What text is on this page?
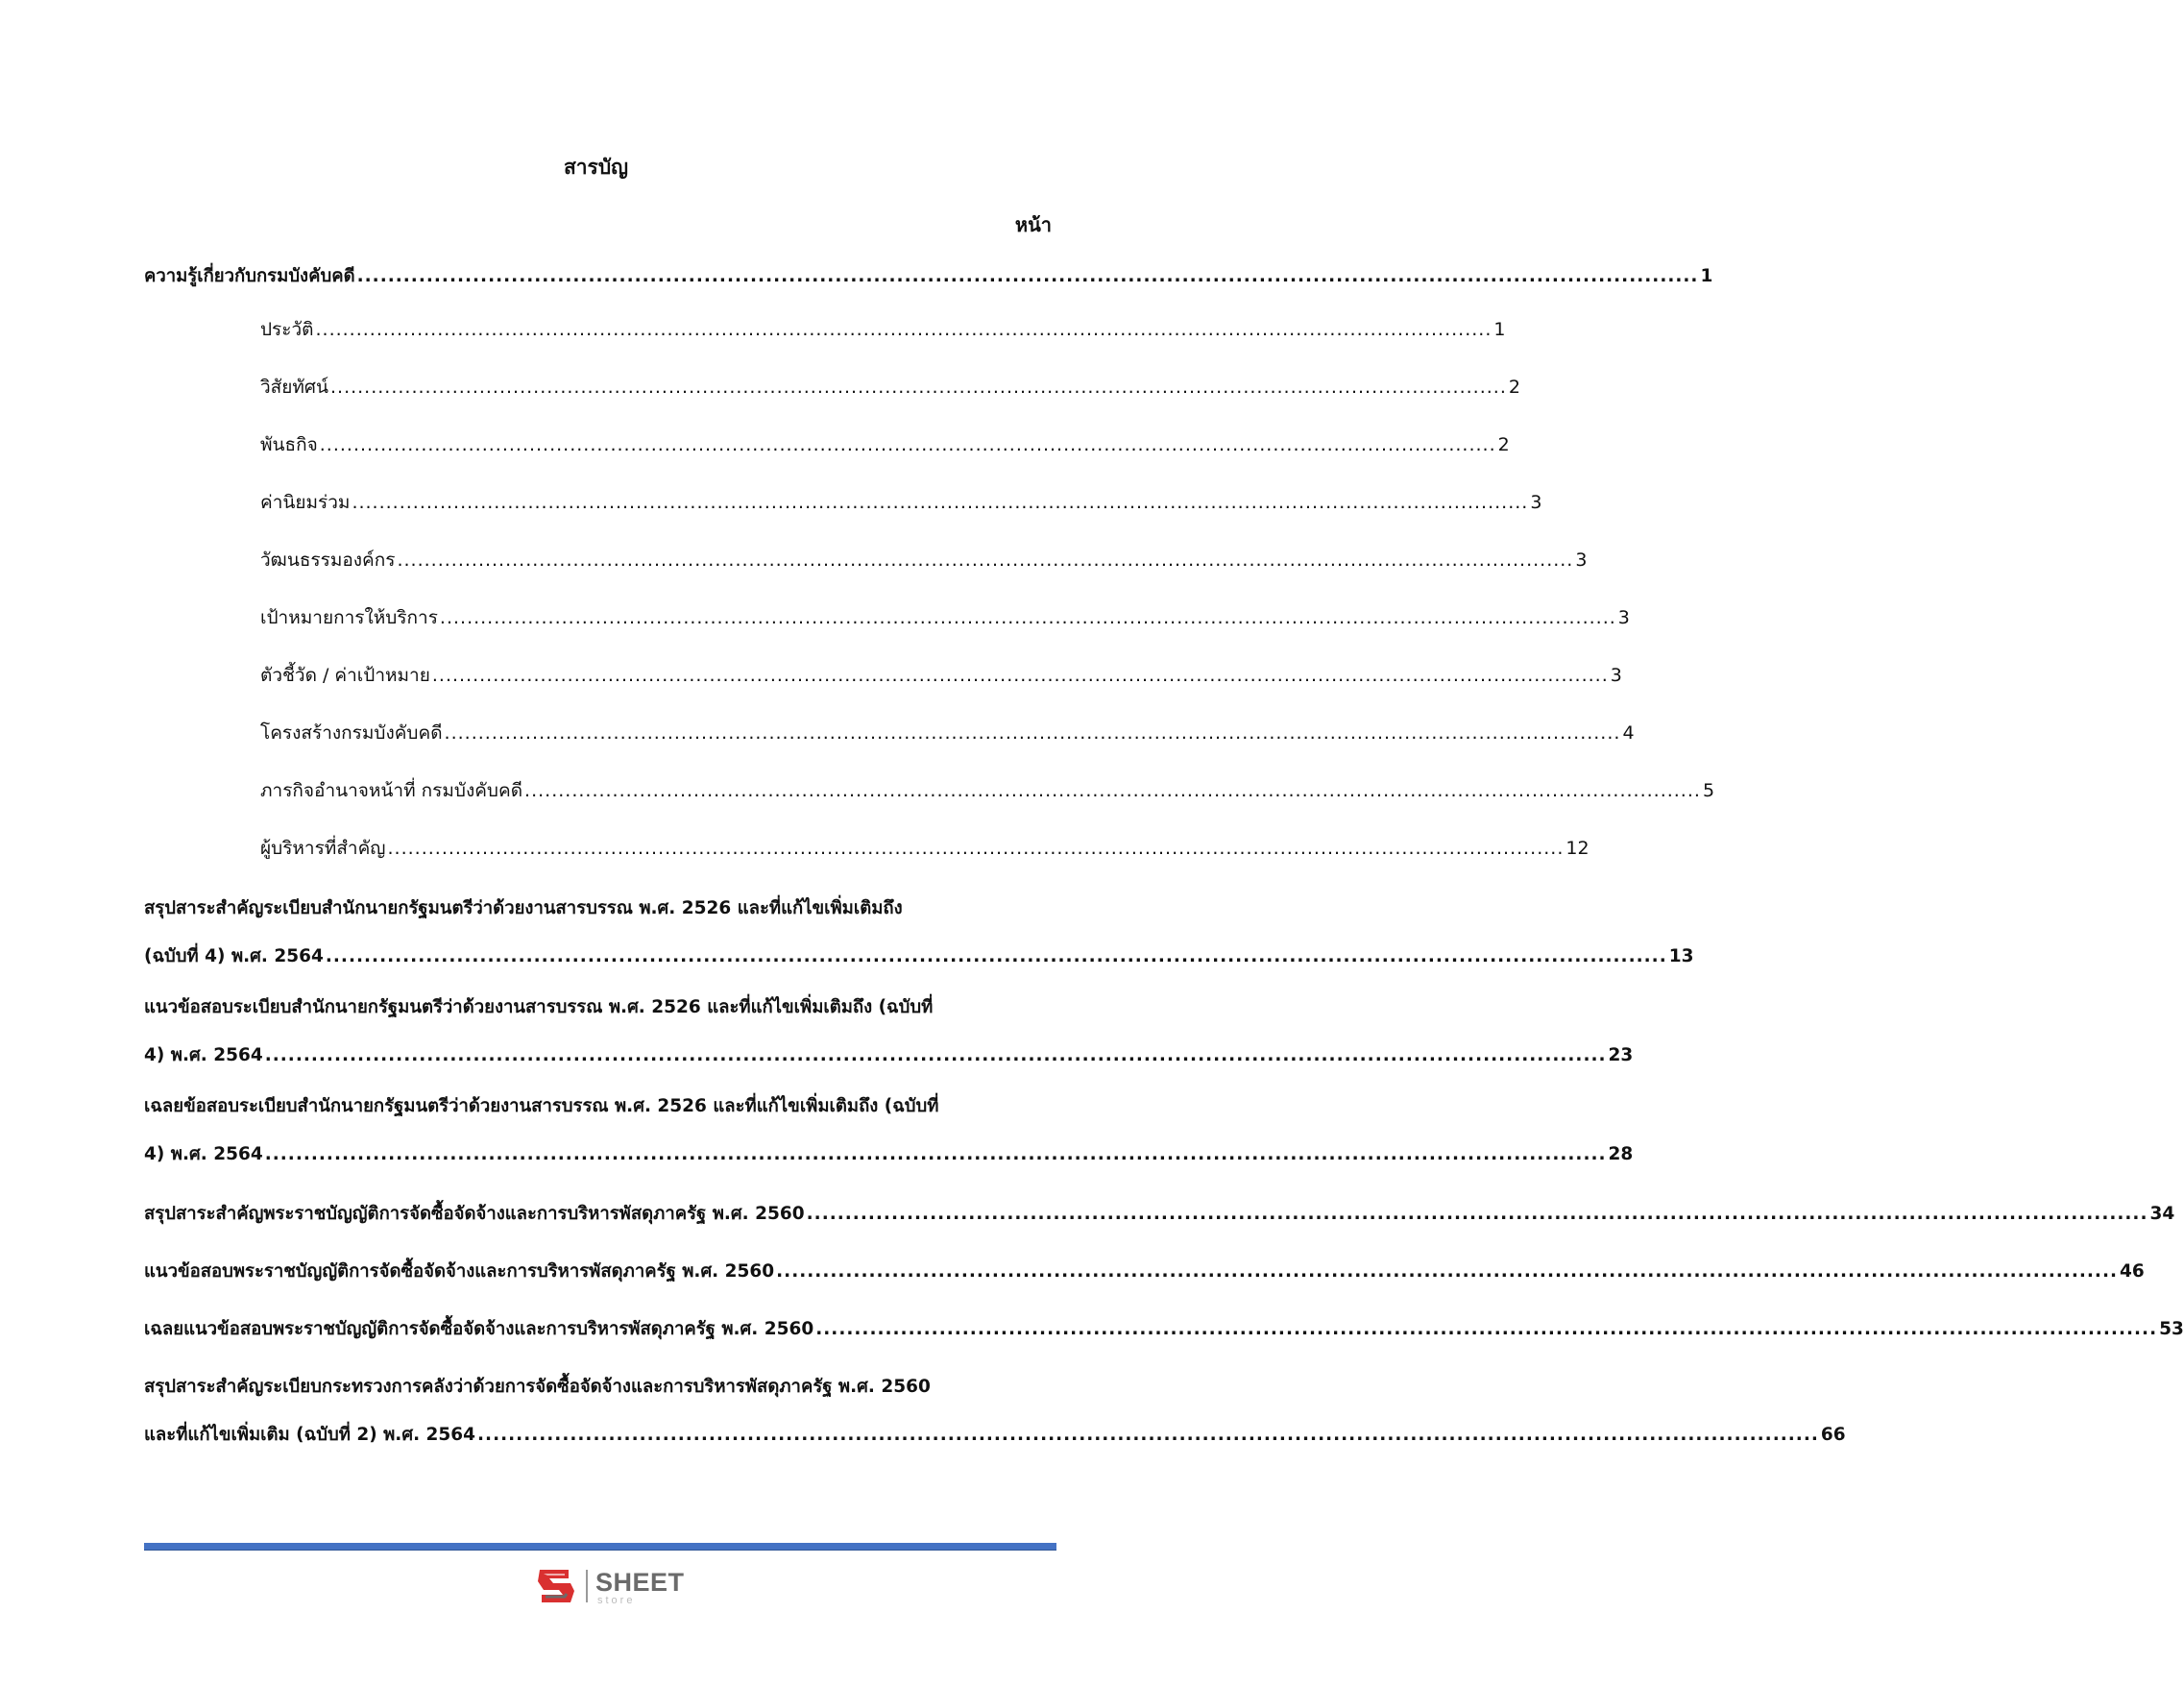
สารบัญ
หน้า
ความรู้เกี่ยวกับกรมบังคับคดี .............................................................................................................................................................................. 1
ประวัติ .............................................................................................................................................................................. 1
วิสัยทัศน์ .............................................................................................................................................................................. 2
พันธกิจ .............................................................................................................................................................................. 2
ค่านิยมร่วม .............................................................................................................................................................................. 3
วัฒนธรรมองค์กร .............................................................................................................................................................................. 3
เป้าหมายการให้บริการ .............................................................................................................................................................................. 3
ตัวชี้วัด / ค่าเป้าหมาย .............................................................................................................................................................................. 3
โครงสร้างกรมบังคับคดี .............................................................................................................................................................................. 4
ภารกิจอำนาจหน้าที่ กรมบังคับคดี .............................................................................................................................................................................. 5
ผู้บริหารที่สำคัญ .............................................................................................................................................................................. 12
สรุปสาระสำคัญระเบียบสำนักนายกรัฐมนตรีว่าด้วยงานสารบรรณ พ.ศ. 2526 และที่แก้ไขเพิ่มเติมถึง
(ฉบับที่ 4) พ.ศ. 2564 .............................................................................................................................................................................. 13
แนวข้อสอบระเบียบสำนักนายกรัฐมนตรีว่าด้วยงานสารบรรณ พ.ศ. 2526 และที่แก้ไขเพิ่มเติมถึง (ฉบับที่
4) พ.ศ. 2564 .............................................................................................................................................................................. 23
เฉลยข้อสอบระเบียบสำนักนายกรัฐมนตรีว่าด้วยงานสารบรรณ พ.ศ. 2526 และที่แก้ไขเพิ่มเติมถึง (ฉบับที่
4) พ.ศ. 2564 .............................................................................................................................................................................. 28
สรุปสาระสำคัญพระราชบัญญัติการจัดซื้อจัดจ้างและการบริหารพัสดุภาครัฐ พ.ศ. 2560 .............................................................................................................................................................................. 34
แนวข้อสอบพระราชบัญญัติการจัดซื้อจัดจ้างและการบริหารพัสดุภาครัฐ พ.ศ. 2560 .............................................................................................................................................................................. 46
เฉลยแนวข้อสอบพระราชบัญญัติการจัดซื้อจัดจ้างและการบริหารพัสดุภาครัฐ พ.ศ. 2560 .............................................................................................................................................................................. 53
สรุปสาระสำคัญระเบียบกระทรวงการคลังว่าด้วยการจัดซื้อจัดจ้างและการบริหารพัสดุภาครัฐ พ.ศ. 2560
และที่แก้ไขเพิ่มเติม (ฉบับที่ 2) พ.ศ. 2564 .............................................................................................................................................................................. 66
SHEET
store
